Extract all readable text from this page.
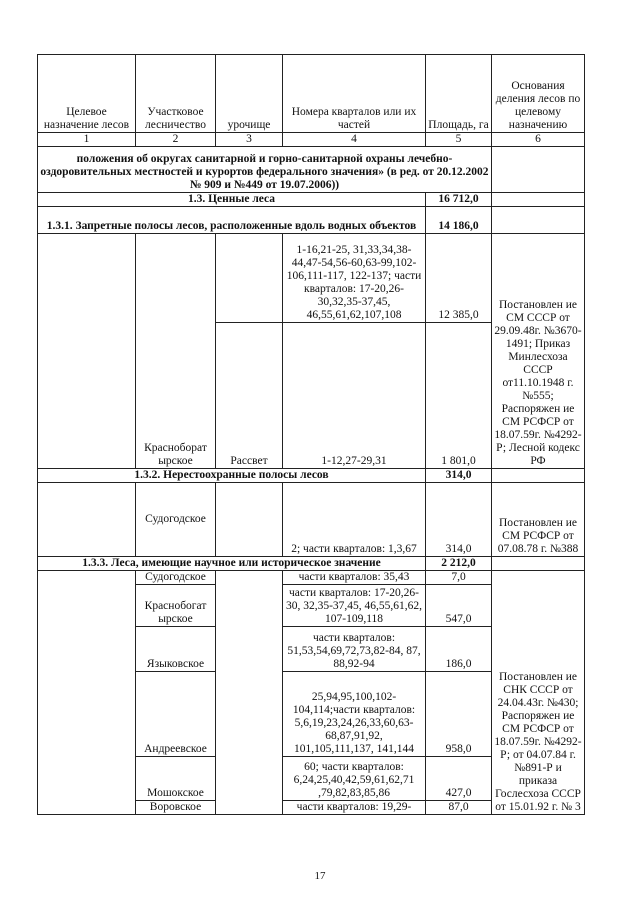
Целевое назначение лесов	Участковое лесничество	урочище	Номера кварталов или их частей	Площадь, га	Основания деления лесов по целевому назначению
1	2	3	4	5	6
положения об округах санитарной и горно-санитарной охраны лечебно-оздоровительных местностей и курортов федерального значения» (в ред. от 20.12.2002 № 909 и №449 от 19.07.2006))					
1.3. Ценные леса				16 712,0	
1.3.1. Запретные полосы лесов, расположенные вдоль водных объектов				14 186,0	
	Красноборат ырское		1-16,21-25, 31,33,34,38-44,47-54,56-60,63-99,102-106,111-117, 122-137; части кварталов: 17-20,26-30,32,35-37,45, 46,55,61,62,107,108	12 385,0	Постановлен ие СМ СССР от 29.09.48г. №3670-1491; Приказ Минлесхоза СССР от11.10.1948 г. №555; Распоряжен ие СМ РСФСР от 18.07.59г. №4292-Р; Лесной кодекс РФ
		Рассвет	1-12,27-29,31	1 801,0	
1.3.2. Нерестоохранные полосы лесов				314,0	
	Судогодское		2; части кварталов: 1,3,67	314,0	Постановлен ие СМ РСФСР от 07.08.78 г. №388
1.3.3. Леса, имеющие научное или историческое значение				2 212,0	
	Судогодское		части кварталов: 35,43	7,0	Постановлен ие СНК СССР от 24.04.43г. №430; Распоряжен ие СМ РСФСР от 18.07.59г. №4292-Р; от 04.07.84 г. №891-Р и приказа Гослесхоза СССР от 15.01.92 г. № 3
	Краснобогат ырское		части кварталов: 17-20,26-30, 32,35-37,45, 46,55,61,62, 107-109,118	547,0	
	Языковское		части кварталов: 51,53,54,69,72,73,82-84, 87, 88,92-94	186,0	
	Андреевское		25,94,95,100,102-104,114;части кварталов: 5,6,19,23,24,26,33,60,63-68,87,91,92, 101,105,111,137, 141,144	958,0	
	Мошокское		60; части кварталов: 6,24,25,40,42,59,61,62,71 ,79,82,83,85,86	427,0	
	Воровское		части кварталов: 19,29-	87,0	
17
